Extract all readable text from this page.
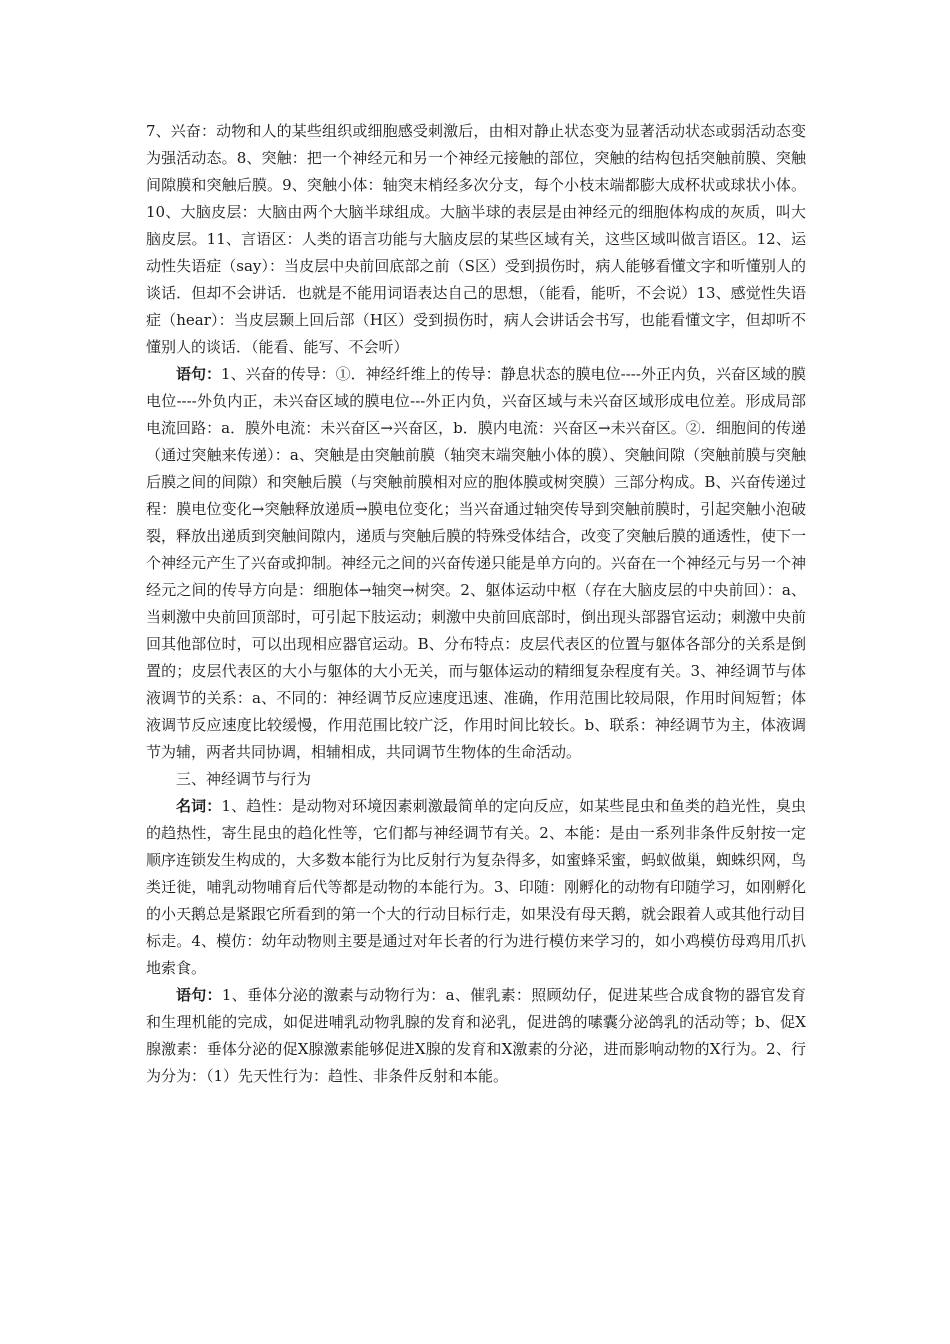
7、兴奋：动物和人的某些组织或细胞感受刺激后，由相对静止状态变为显著活动状态或弱活动态变为强活动态。8、突触：把一个神经元和另一个神经元接触的部位，突触的结构包括突触前膜、突触间隙膜和突触后膜。9、突触小体：轴突末梢经多次分支，每个小枝末端都膨大成杯状或球状小体。10、大脑皮层：大脑由两个大脑半球组成。大脑半球的表层是由神经元的细胞体构成的灰质，叫大脑皮层。11、言语区：人类的语言功能与大脑皮层的某些区域有关，这些区域叫做言语区。12、运动性失语症（say）：当皮层中央前回底部之前（S区）受到损伤时，病人能够看懂文字和听懂别人的谈话．但却不会讲话．也就是不能用词语表达自己的思想，（能看，能听，不会说）13、感觉性失语症（hear）：当皮层颞上回后部（H区）受到损伤时，病人会讲话会书写，也能看懂文字，但却听不懂别人的谈话．（能看、能写、不会听）

语句：1、兴奋的传导：①．神经纤维上的传导：静息状态的膜电位----外正内负，兴奋区域的膜电位----外负内正，未兴奋区域的膜电位---外正内负，兴奋区域与未兴奋区域形成电位差。形成局部电流回路：a．膜外电流：未兴奋区→兴奋区，b．膜内电流：兴奋区→未兴奋区。②．细胞间的传递（通过突触来传递）：a、突触是由突触前膜（轴突末端突触小体的膜）、突触间隙（突触前膜与突触后膜之间的间隙）和突触后膜（与突触前膜相对应的胞体膜或树突膜）三部分构成。B、兴奋传递过程：膜电位变化→突触释放递质→膜电位变化；当兴奋通过轴突传导到突触前膜时，引起突触小泡破裂，释放出递质到突触间隙内，递质与突触后膜的特殊受体结合，改变了突触后膜的通透性，使下一个神经元产生了兴奋或抑制。神经元之间的兴奋传递只能是单方向的。兴奋在一个神经元与另一个神经元之间的传导方向是：细胞体→轴突→树突。2、躯体运动中枢（存在大脑皮层的中央前回）：a、当刺激中央前回顶部时，可引起下肢运动；刺激中央前回底部时，倒出现头部器官运动；刺激中央前回其他部位时，可以出现相应器官运动。B、分布特点：皮层代表区的位置与躯体各部分的关系是倒置的；皮层代表区的大小与躯体的大小无关，而与躯体运动的精细复杂程度有关。3、神经调节与体液调节的关系：a、不同的：神经调节反应速度迅速、准确，作用范围比较局限，作用时间短暂；体液调节反应速度比较缓慢，作用范围比较广泛，作用时间比较长。b、联系：神经调节为主，体液调节为辅，两者共同协调，相辅相成，共同调节生物体的生命活动。

三、神经调节与行为

名词：1、趋性：是动物对环境因素刺激最简单的定向反应，如某些昆虫和鱼类的趋光性，臭虫的趋热性，寄生昆虫的趋化性等，它们都与神经调节有关。2、本能：是由一系列非条件反射按一定顺序连锁发生构成的，大多数本能行为比反射行为复杂得多，如蜜蜂采蜜，蚂蚁做巢，蜘蛛织网，鸟类迁徙，哺乳动物哺育后代等都是动物的本能行为。3、印随：刚孵化的动物有印随学习，如刚孵化的小天鹅总是紧跟它所看到的第一个大的行动目标行走，如果没有母天鹅，就会跟着人或其他行动目标走。4、模仿：幼年动物则主要是通过对年长者的行为进行模仿来学习的，如小鸡模仿母鸡用爪扒地索食。

语句：1、垂体分泌的激素与动物行为：a、催乳素：照顾幼仔，促进某些合成食物的器官发育和生理机能的完成，如促进哺乳动物乳腺的发育和泌乳，促进鸽的嗉囊分泌鸽乳的活动等；b、促X腺激素：垂体分泌的促X腺激素能够促进X腺的发育和X激素的分泌，进而影响动物的X行为。2、行为分为：（1）先天性行为：趋性、非条件反射和本能。
